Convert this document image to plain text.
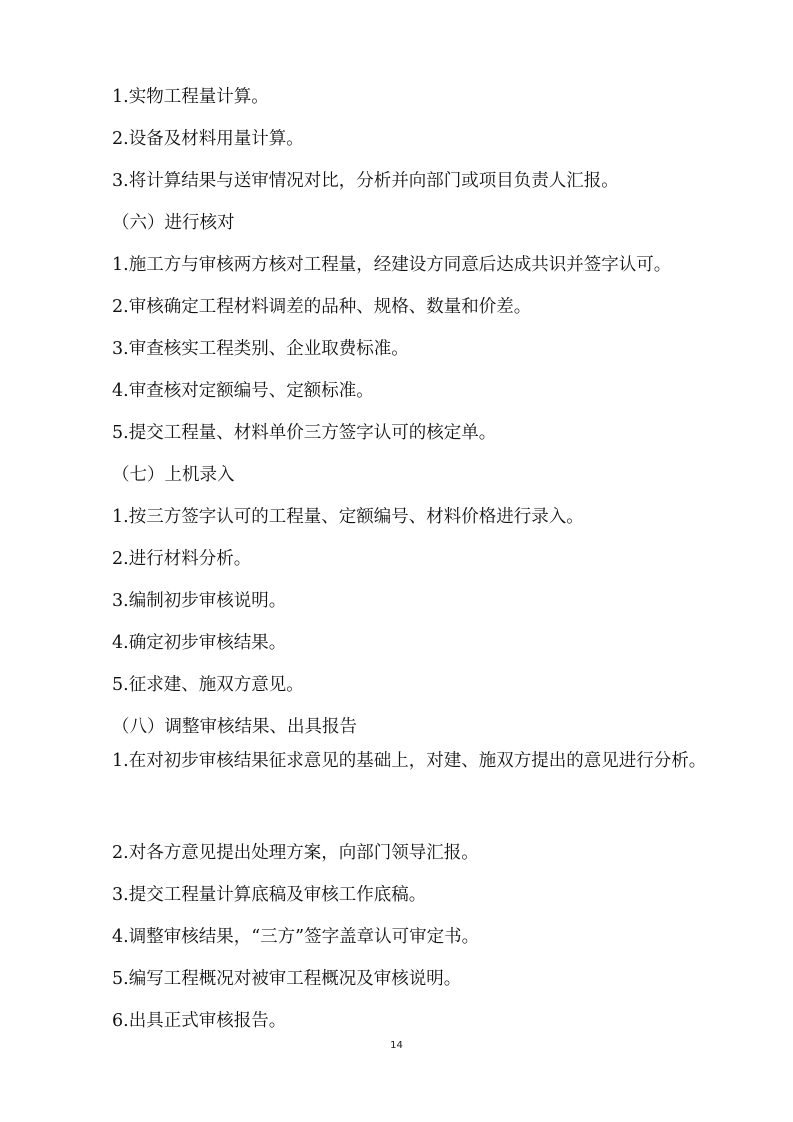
1.实物工程量计算。
2.设备及材料用量计算。
3.将计算结果与送审情况对比，分析并向部门或项目负责人汇报。
（六）进行核对
1.施工方与审核两方核对工程量，经建设方同意后达成共识并签字认可。
2.审核确定工程材料调差的品种、规格、数量和价差。
3.审查核实工程类别、企业取费标准。
4.审查核对定额编号、定额标准。
5.提交工程量、材料单价三方签字认可的核定单。
（七）上机录入
1.按三方签字认可的工程量、定额编号、材料价格进行录入。
2.进行材料分析。
3.编制初步审核说明。
4.确定初步审核结果。
5.征求建、施双方意见。
（八）调整审核结果、出具报告
1.在对初步审核结果征求意见的基础上，对建、施双方提出的意见进行分析。
2.对各方意见提出处理方案，向部门领导汇报。
3.提交工程量计算底稿及审核工作底稿。
4.调整审核结果，“三方”签字盖章认可审定书。
5.编写工程概况对被审工程概况及审核说明。
6.出具正式审核报告。
14
